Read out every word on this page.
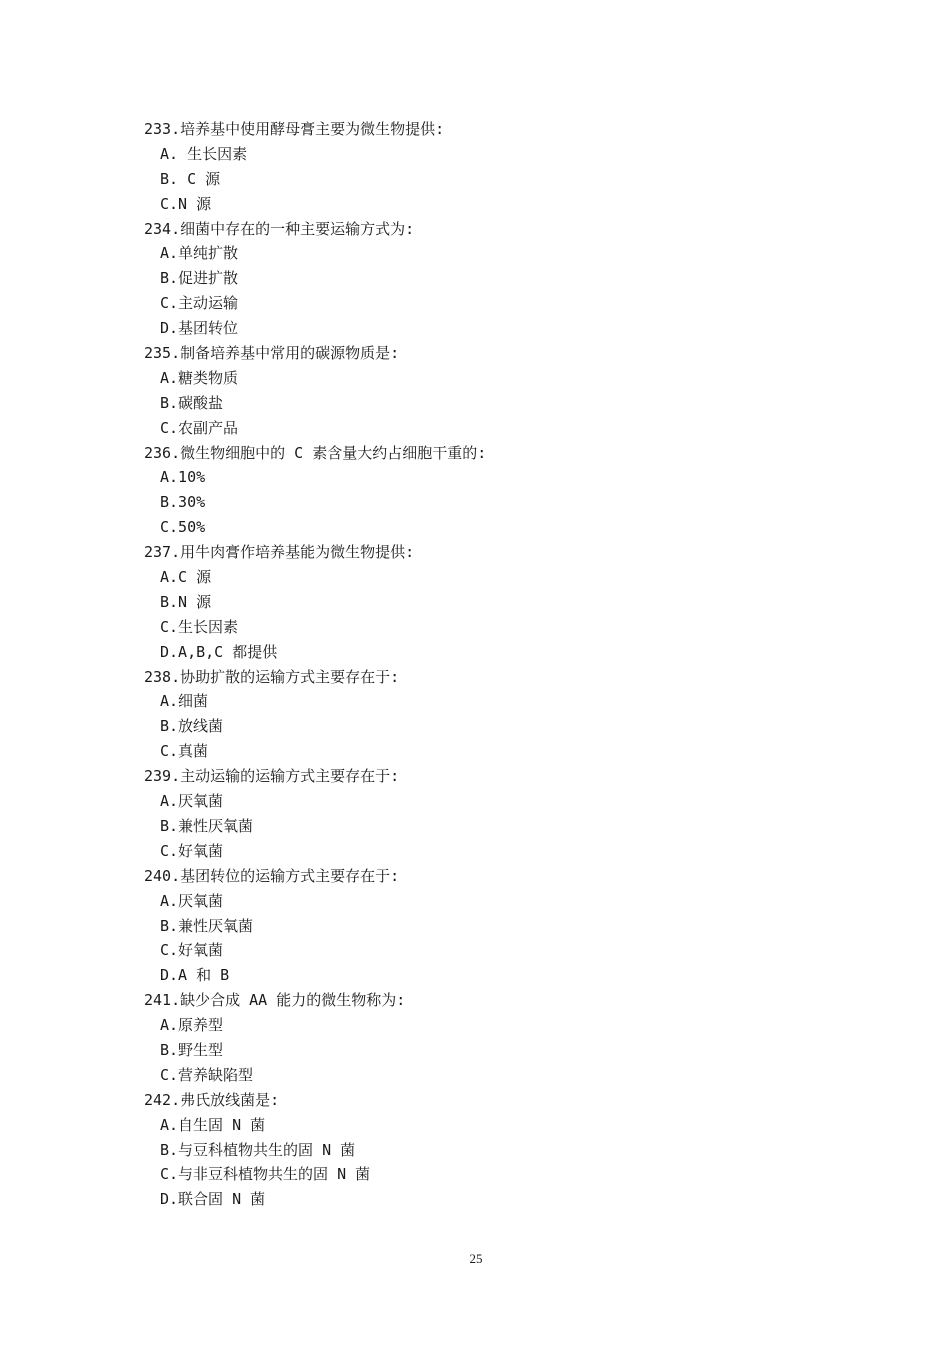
233.培养基中使用酵母膏主要为微生物提供:
A. 生长因素
B. C 源
C.N 源
234.细菌中存在的一种主要运输方式为:
A.单纯扩散
B.促进扩散
C.主动运输
D.基团转位
235.制备培养基中常用的碳源物质是:
A.糖类物质
B.碳酸盐
C.农副产品
236.微生物细胞中的 C 素含量大约占细胞干重的:
A.10%
B.30%
C.50%
237.用牛肉膏作培养基能为微生物提供:
A.C 源
B.N 源
C.生长因素
D.A,B,C 都提供
238.协助扩散的运输方式主要存在于:
A.细菌
B.放线菌
C.真菌
239.主动运输的运输方式主要存在于:
A.厌氧菌
B.兼性厌氧菌
C.好氧菌
240.基团转位的运输方式主要存在于:
A.厌氧菌
B.兼性厌氧菌
C.好氧菌
D.A 和 B
241.缺少合成 AA 能力的微生物称为:
A.原养型
B.野生型
C.营养缺陷型
242.弗氏放线菌是:
A.自生固 N 菌
B.与豆科植物共生的固 N 菌
C.与非豆科植物共生的固 N 菌
D.联合固 N 菌
25
